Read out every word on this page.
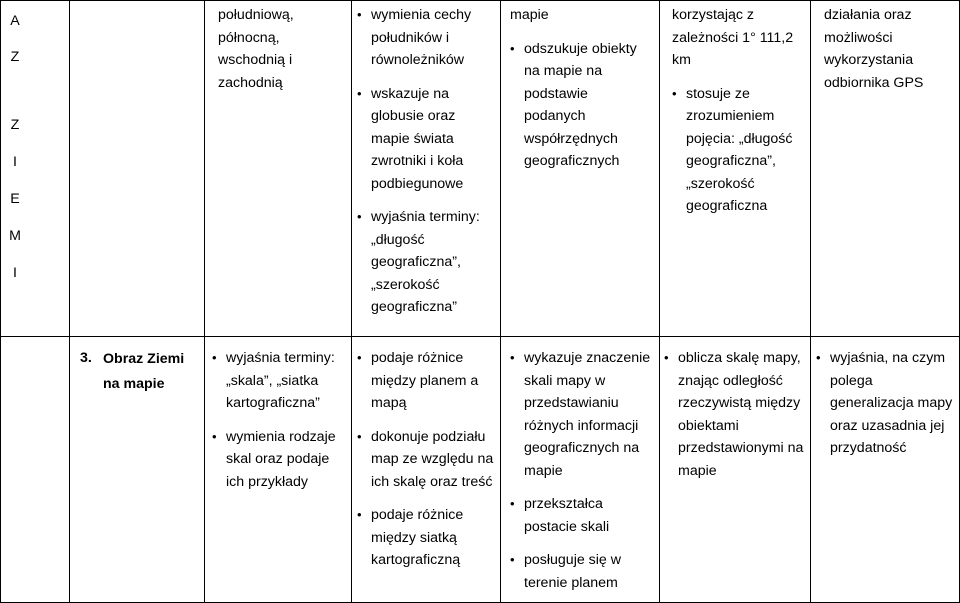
A
Z
Z
I
E
M
I

południową, północną, wschodnią i zachodnią

• wymienia cechy południków i równoleżników

• wskazuje na globusie oraz mapie świata zwrotniki i koła podbiegunowe

• wyjaśnia terminy: „długość geograficzna”, „szerokość geograficzna”

mapie

• odszukuje obiekty na mapie na podstawie podanych współrzędnych geograficznych

korzystając z zależności 1° 111,2 km

• stosuje ze zrozumieniem pojęcia: „długość geograficzna”, „szerokość geograficzna

działania oraz możliwości wykorzystania odbiornika GPS

3. Obraz Ziemi na mapie
• wyjaśnia terminy: „skala”, „siatka kartograficzna”

• wymienia rodzaje skal oraz podaje ich przykłady

• podaje różnice między planem a mapą

• dokonuje podziału map ze względu na ich skalę oraz treść

• podaje różnice między siatką kartograficzną

• wykazuje znaczenie skali mapy w przedstawianiu różnych informacji geograficznych na mapie

• przekształca postacie skali

• posługuje się w terenie planem

• oblicza skalę mapy, znając odległość rzeczywistą między obiektami przedstawionymi na mapie

• wyjaśnia, na czym polega generalizacja mapy oraz uzasadnia jej przydatność
